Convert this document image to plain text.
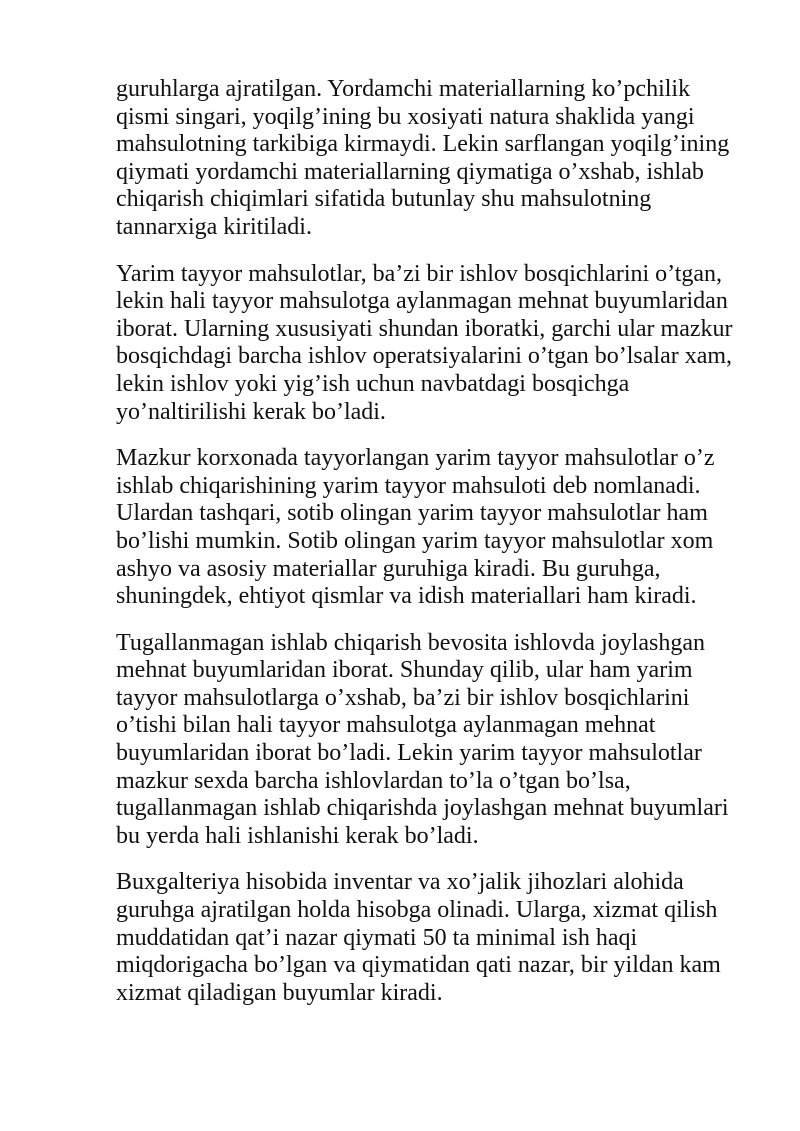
guruhlarga ajratilgan. Yordamchi materiallarning ko’pchilik
qismi singari, yoqilg’ining bu xosiyati natura shaklida yangi
mahsulotning tarkibiga kirmaydi. Lekin sarflangan yoqilg’ining
qiymati yordamchi materiallarning qiymatiga o’xshab, ishlab
chiqarish chiqimlari sifatida butunlay shu mahsulotning
tannarxiga kiritiladi.

Yarim tayyor mahsulotlar, ba’zi bir ishlov bosqichlarini o’tgan,
lekin hali tayyor mahsulotga aylanmagan mehnat buyumlaridan
iborat. Ularning xususiyati shundan iboratki, garchi ular mazkur
bosqichdagi barcha ishlov operatsiyalarini o’tgan bo’lsalar xam,
lekin ishlov yoki yig’ish uchun navbatdagi bosqichga
yo’naltirilishi kerak bo’ladi.

Mazkur korxonada tayyorlangan yarim tayyor mahsulotlar o’z
ishlab chiqarishining yarim tayyor mahsuloti deb nomlanadi.
Ulardan tashqari, sotib olingan yarim tayyor mahsulotlar ham
bo’lishi mumkin. Sotib olingan yarim tayyor mahsulotlar xom
ashyo va asosiy materiallar guruhiga kiradi. Bu guruhga,
shuningdek, ehtiyot qismlar va idish materiallari ham kiradi.

Tugallanmagan ishlab chiqarish bevosita ishlovda joylashgan
mehnat buyumlaridan iborat. Shunday qilib, ular ham yarim
tayyor mahsulotlarga o’xshab, ba’zi bir ishlov bosqichlarini
o’tishi bilan hali tayyor mahsulotga aylanmagan mehnat
buyumlaridan iborat bo’ladi. Lekin yarim tayyor mahsulotlar
mazkur sexda barcha ishlovlardan to’la o’tgan bo’lsa,
tugallanmagan ishlab chiqarishda joylashgan mehnat buyumlari
bu yerda hali ishlanishi kerak bo’ladi.

Buxgalteriya hisobida inventar va xo’jalik jihozlari alohida
guruhga ajratilgan holda hisobga olinadi. Ularga, xizmat qilish
muddatidan qat’i nazar qiymati 50 ta minimal ish haqi
miqdorigacha bo’lgan va qiymatidan qati nazar, bir yildan kam
xizmat qiladigan buyumlar kiradi.
